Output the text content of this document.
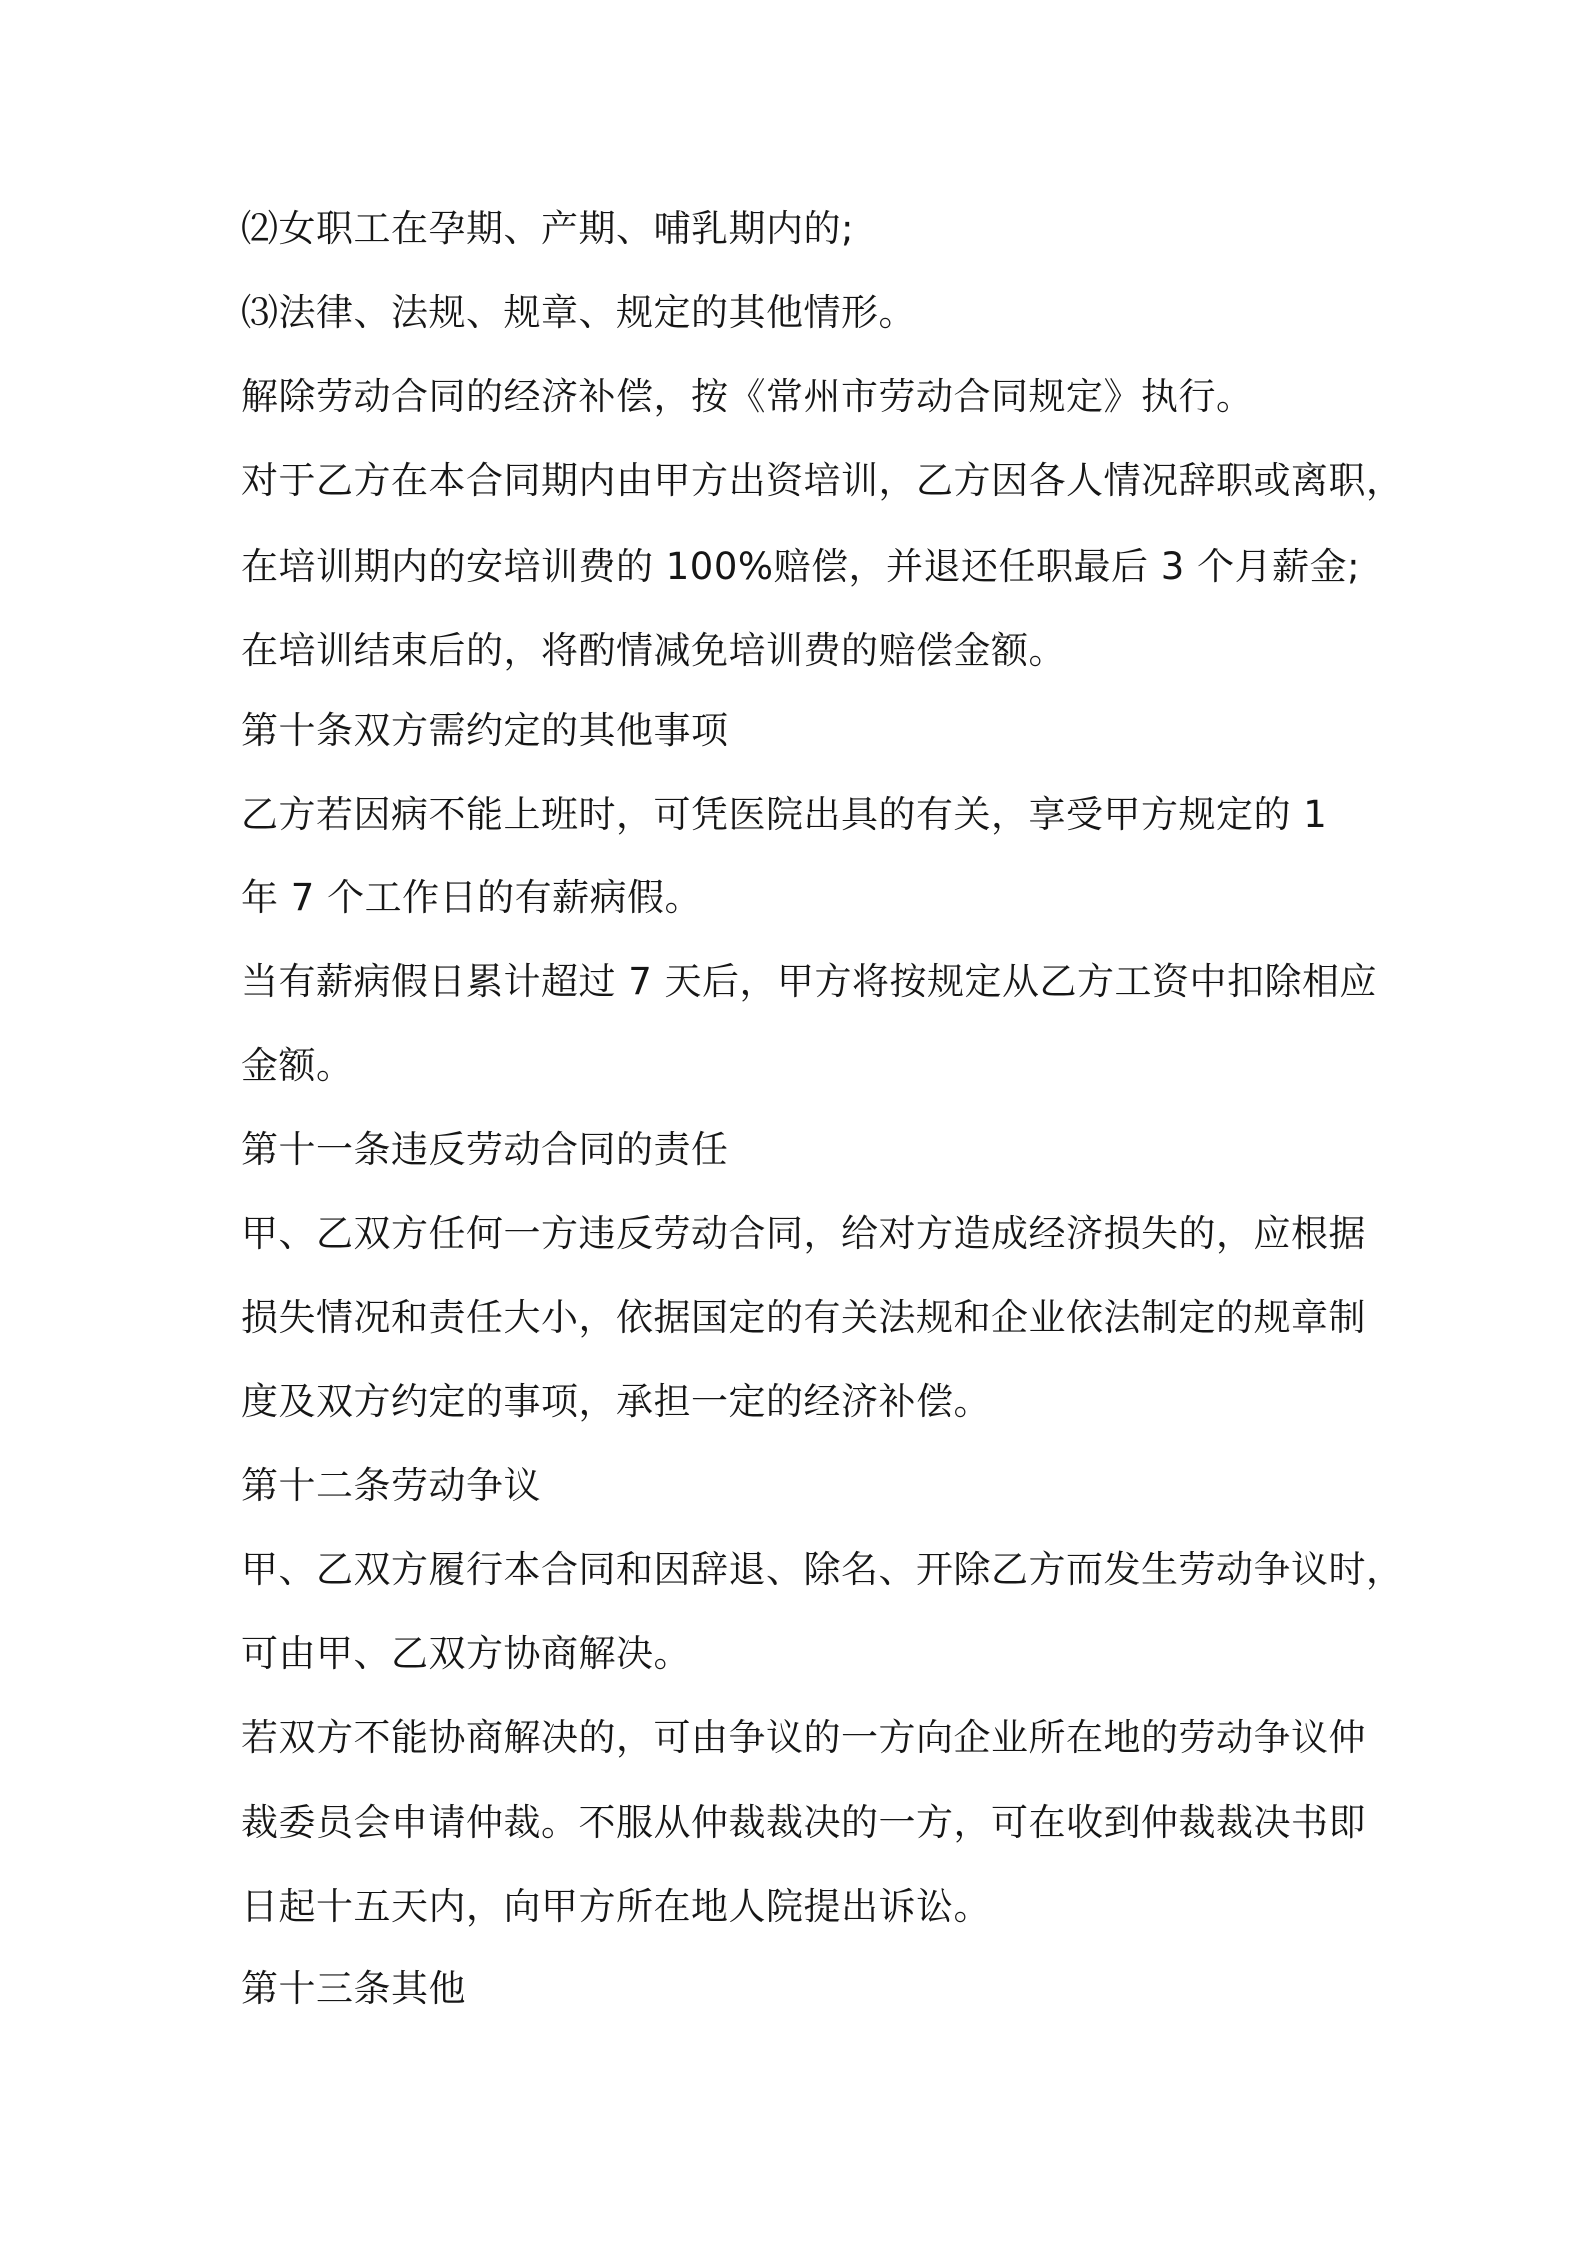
⑵女职工在孕期、产期、哺乳期内的;

⑶法律、法规、规章、规定的其他情形。

解除劳动合同的经济补偿，按《常州市劳动合同规定》执行。

对于乙方在本合同期内由甲方出资培训，乙方因各人情况辞职或离职，

在培训期内的安培训费的 100%赔偿，并退还任职最后 3 个月薪金;

在培训结束后的，将酌情减免培训费的赔偿金额。

第十条双方需约定的其他事项

乙方若因病不能上班时，可凭医院出具的有关，享受甲方规定的 1

年 7 个工作日的有薪病假。

当有薪病假日累计超过 7 天后，甲方将按规定从乙方工资中扣除相应

金额。

第十一条违反劳动合同的责任

甲、乙双方任何一方违反劳动合同，给对方造成经济损失的，应根据

损失情况和责任大小，依据国定的有关法规和企业依法制定的规章制

度及双方约定的事项，承担一定的经济补偿。

第十二条劳动争议

甲、乙双方履行本合同和因辞退、除名、开除乙方而发生劳动争议时，

可由甲、乙双方协商解决。

若双方不能协商解决的，可由争议的一方向企业所在地的劳动争议仲

裁委员会申请仲裁。不服从仲裁裁决的一方，可在收到仲裁裁决书即

日起十五天内，向甲方所在地人院提出诉讼。

第十三条其他
